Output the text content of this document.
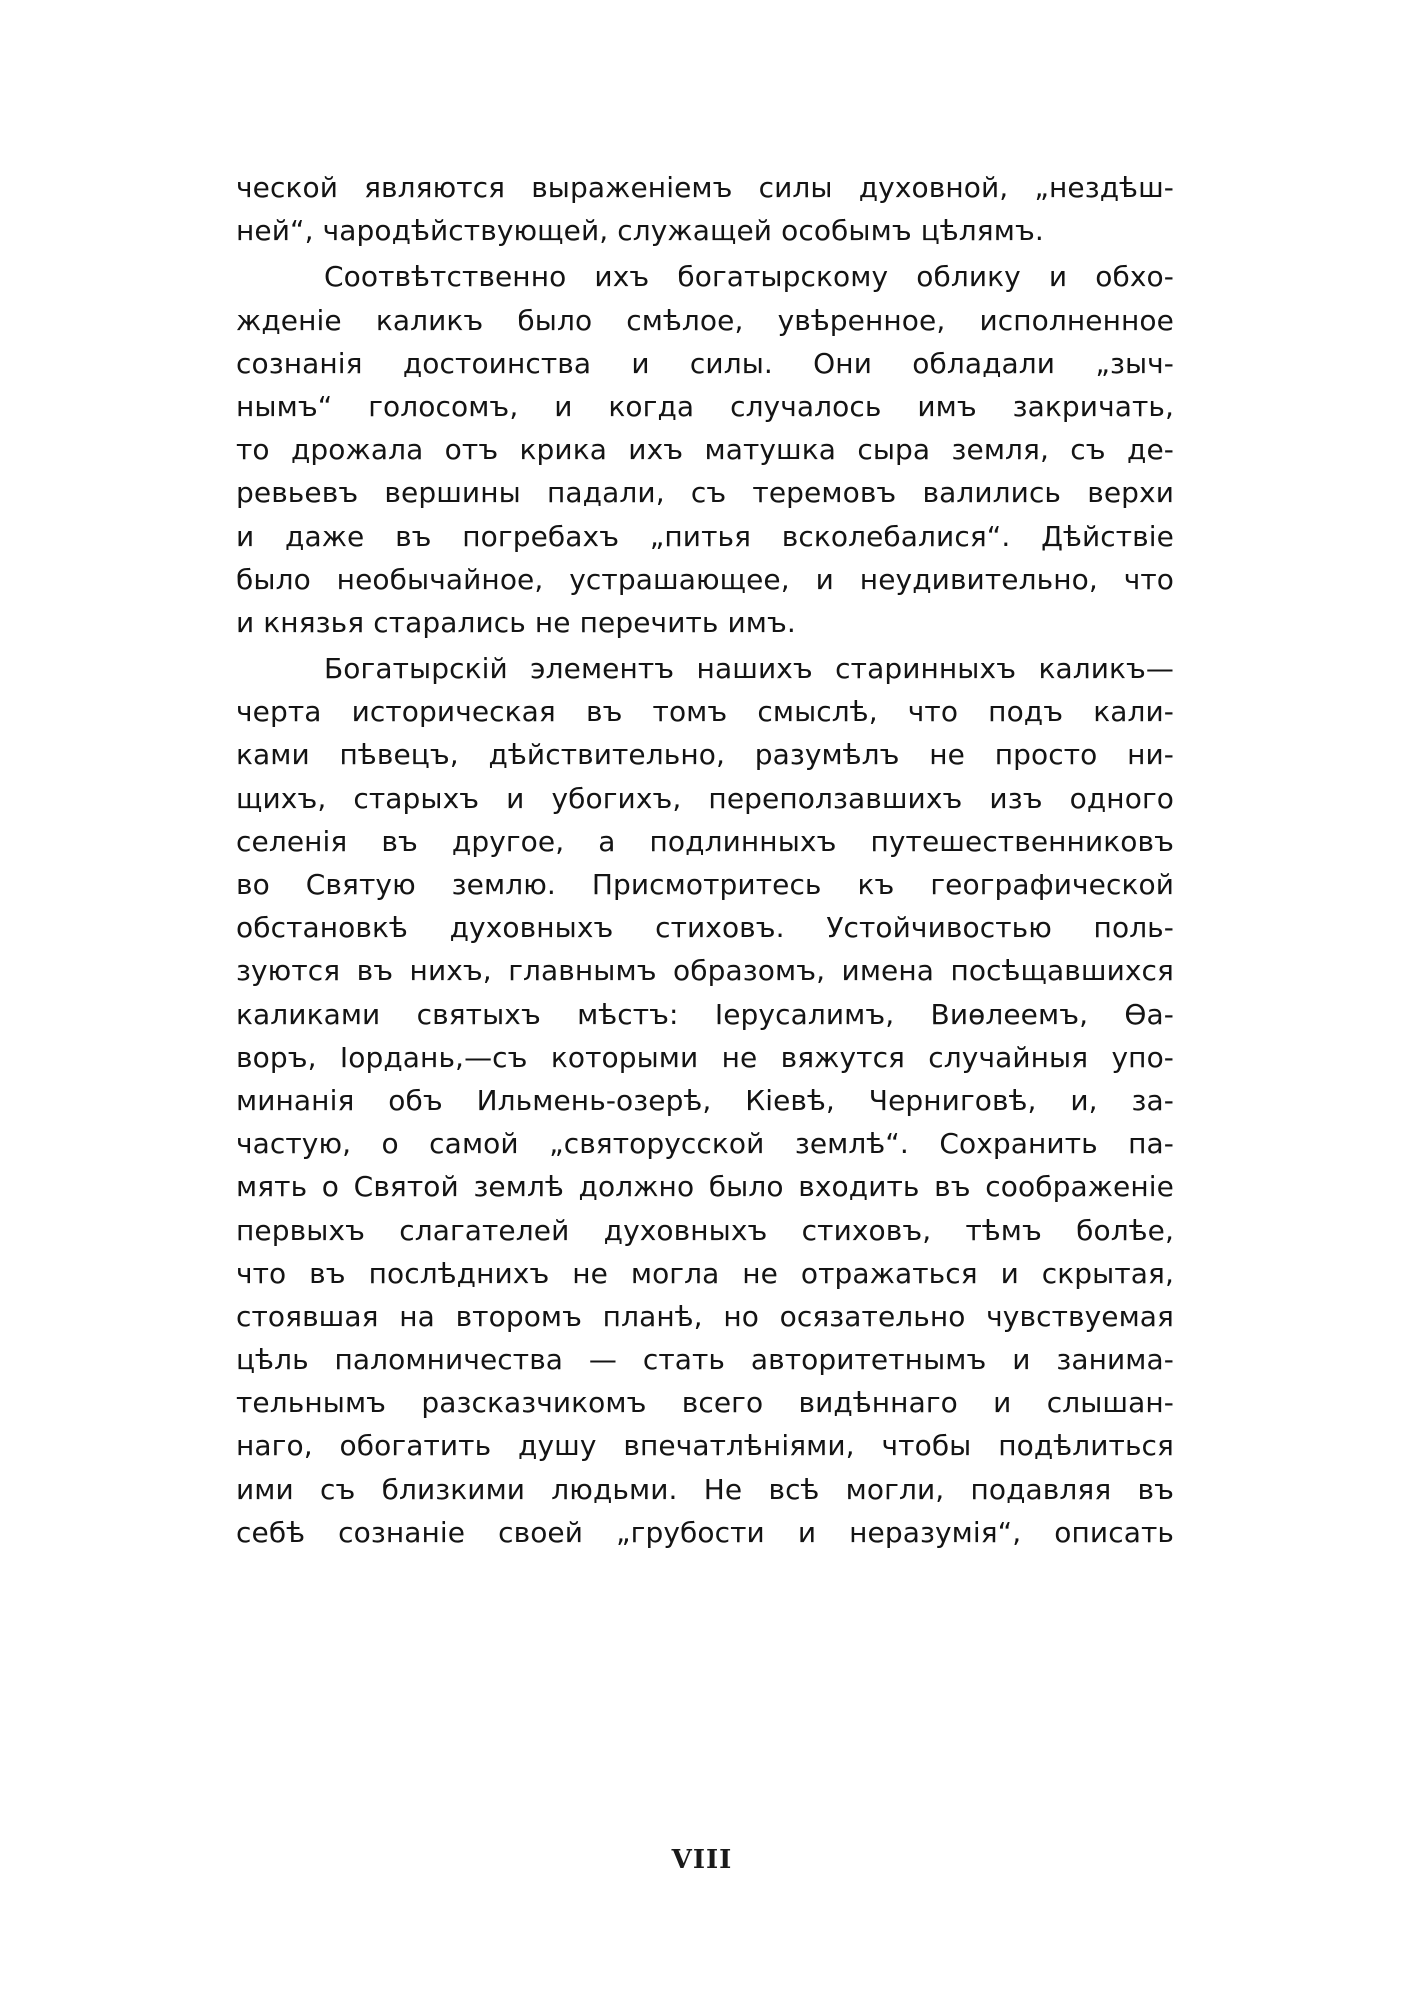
ческой являются выраженіемъ силы духовной, „нездѣш-
ней“, чародѣйствующей, служащей особымъ цѣлямъ.
Соотвѣтственно ихъ богатырскому облику и обхо-
жденіе каликъ было смѣлое, увѣренное, исполненное
сознанія достоинства и силы. Они обладали „зыч-
нымъ“ голосомъ, и когда случалось имъ закричать,
то дрожала отъ крика ихъ матушка сыра земля, съ де-
ревьевъ вершины падали, съ теремовъ валились верхи
и даже въ погребахъ „питья всколебалися“. Дѣйствіе
было необычайное, устрашающее, и неудивительно, что
и князья старались не перечить имъ.
Богатырскій элементъ нашихъ старинныхъ каликъ—
черта историческая въ томъ смыслѣ, что подъ кали-
ками пѣвецъ, дѣйствительно, разумѣлъ не просто ни-
щихъ, старыхъ и убогихъ, переползавшихъ изъ одного
селенія въ другое, а подлинныхъ путешественниковъ
во Святую землю. Присмотритесь къ географической
обстановкѣ духовныхъ стиховъ. Устойчивостью поль-
зуются въ нихъ, главнымъ образомъ, имена посѣщавшихся
каликами святыхъ мѣстъ: Іерусалимъ, Виѳлеемъ, Ѳа-
воръ, Іордань,—съ которыми не вяжутся случайныя упо-
минанія объ Ильмень-озерѣ, Кіевѣ, Черниговѣ, и, за-
частую, о самой „святорусской землѣ“. Сохранить па-
мять о Святой землѣ должно было входить въ соображеніе
первыхъ слагателей духовныхъ стиховъ, тѣмъ болѣе,
что въ послѣднихъ не могла не отражаться и скрытая,
стоявшая на второмъ планѣ, но осязательно чувствуемая
цѣль паломничества — стать авторитетнымъ и занима-
тельнымъ разсказчикомъ всего видѣннаго и слышан-
наго, обогатить душу впечатлѣніями, чтобы подѣлиться
ими съ близкими людьми. Не всѣ могли, подавляя въ
себѣ сознаніе своей „грубости и неразумія“, описать
VIII
